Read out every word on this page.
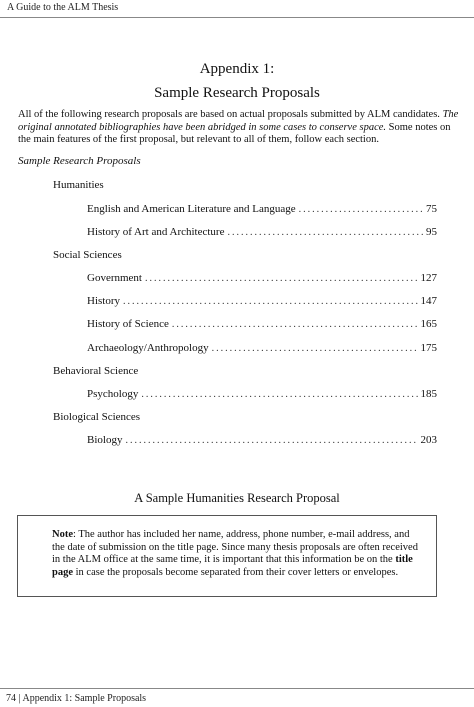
A Guide to the ALM Thesis
Appendix 1:
Sample Research Proposals
All of the following research proposals are based on actual proposals submitted by ALM candidates. The original annotated bibliographies have been abridged in some cases to conserve space. Some notes on the main features of the first proposal, but relevant to all of them, follow each section.
Sample Research Proposals
Humanities
English and American Literature and Language .....	75
History of Art and Architecture .....	95
Social Sciences
Government .....	127
History .....	147
History of Science .....	165
Archaeology/Anthropology .....	175
Behavioral Science
Psychology .....	185
Biological Sciences
Biology .....	203
A Sample Humanities Research Proposal
Note: The author has included her name, address, phone number, e-mail address, and the date of submission on the title page. Since many thesis proposals are often received in the ALM office at the same time, it is important that this information be on the title page in case the proposals become separated from their cover letters or envelopes.
74 | Appendix 1: Sample Proposals
